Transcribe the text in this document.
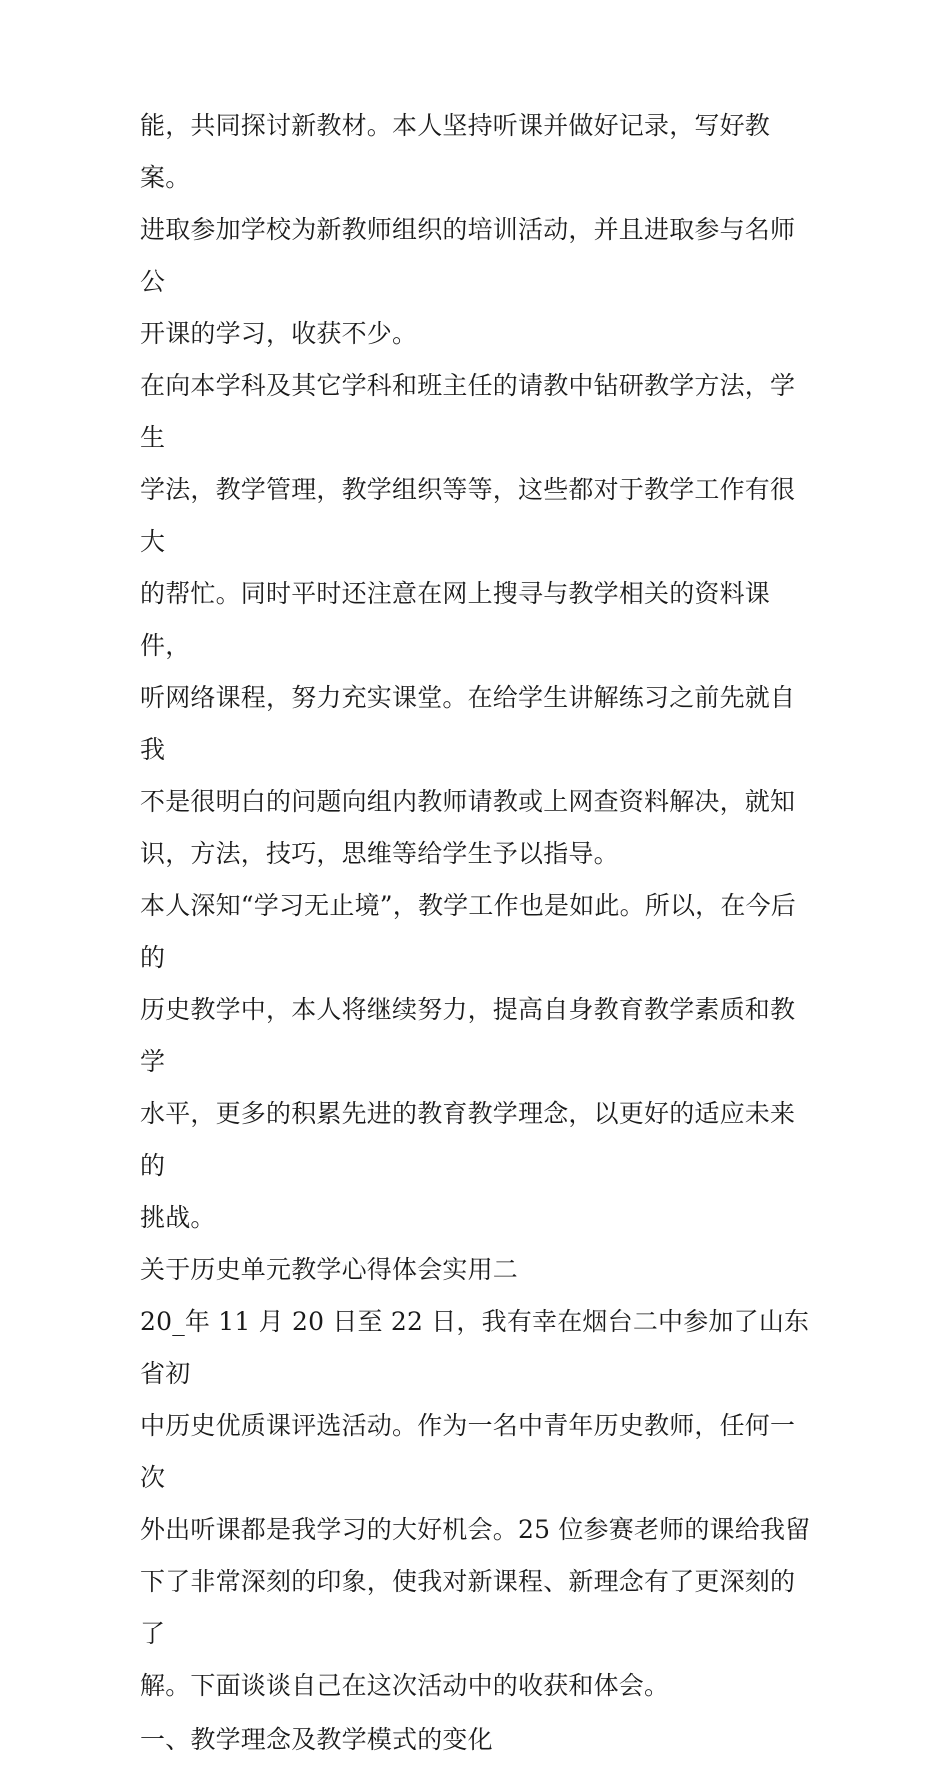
能，共同探讨新教材。本人坚持听课并做好记录，写好教案。
进取参加学校为新教师组织的培训活动，并且进取参与名师公
开课的学习，收获不少。

在向本学科及其它学科和班主任的请教中钻研教学方法，学生
学法，教学管理，教学组织等等，这些都对于教学工作有很大
的帮忙。同时平时还注意在网上搜寻与教学相关的资料课件，
听网络课程，努力充实课堂。在给学生讲解练习之前先就自我
不是很明白的问题向组内教师请教或上网查资料解决，就知
识，方法，技巧，思维等给学生予以指导。

本人深知“学习无止境”，教学工作也是如此。所以，在今后的
历史教学中，本人将继续努力，提高自身教育教学素质和教学
水平，更多的积累先进的教育教学理念，以更好的适应未来的
挑战。

关于历史单元教学心得体会实用二

20_年 11 月 20 日至 22 日，我有幸在烟台二中参加了山东省初
中历史优质课评选活动。作为一名中青年历史教师，任何一次
外出听课都是我学习的大好机会。25 位参赛老师的课给我留
下了非常深刻的印象，使我对新课程、新理念有了更深刻的了
解。下面谈谈自己在这次活动中的收获和体会。

一、教学理念及教学模式的变化
